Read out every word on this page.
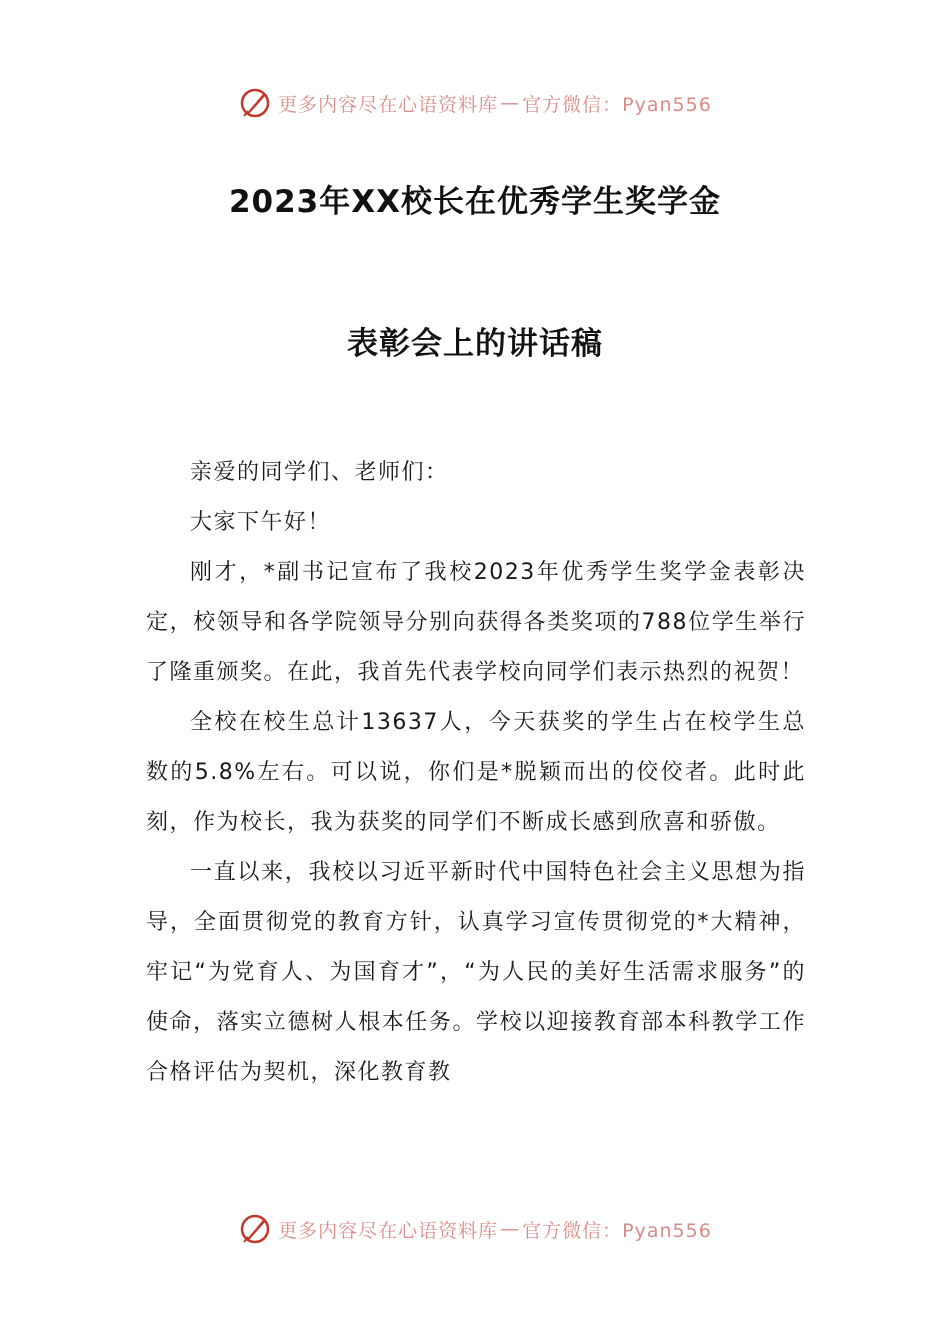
更多内容尽在心语资料库 — 官方微信：Pyan556
2023年XX校长在优秀学生奖学金
表彰会上的讲话稿

亲爱的同学们、老师们：

大家下午好！

刚才，*副书记宣布了我校2023年优秀学生奖学金表彰决定，校领导和各学院领导分别向获得各类奖项的788位学生举行了隆重颁奖。在此，我首先代表学校向同学们表示热烈的祝贺！

全校在校生总计13637人，今天获奖的学生占在校学生总数的5.8%左右。可以说，你们是*脱颖而出的佼佼者。此时此刻，作为校长，我为获奖的同学们不断成长感到欣喜和骄傲。

一直以来，我校以习近平新时代中国特色社会主义思想为指导，全面贯彻党的教育方针，认真学习宣传贯彻党的*大精神，牢记“为党育人、为国育才”，“为人民的美好生活需求服务”的使命，落实立德树人根本任务。学校以迎接教育部本科教学工作合格评估为契机，深化教育教

更多内容尽在心语资料库 — 官方微信：Pyan556
